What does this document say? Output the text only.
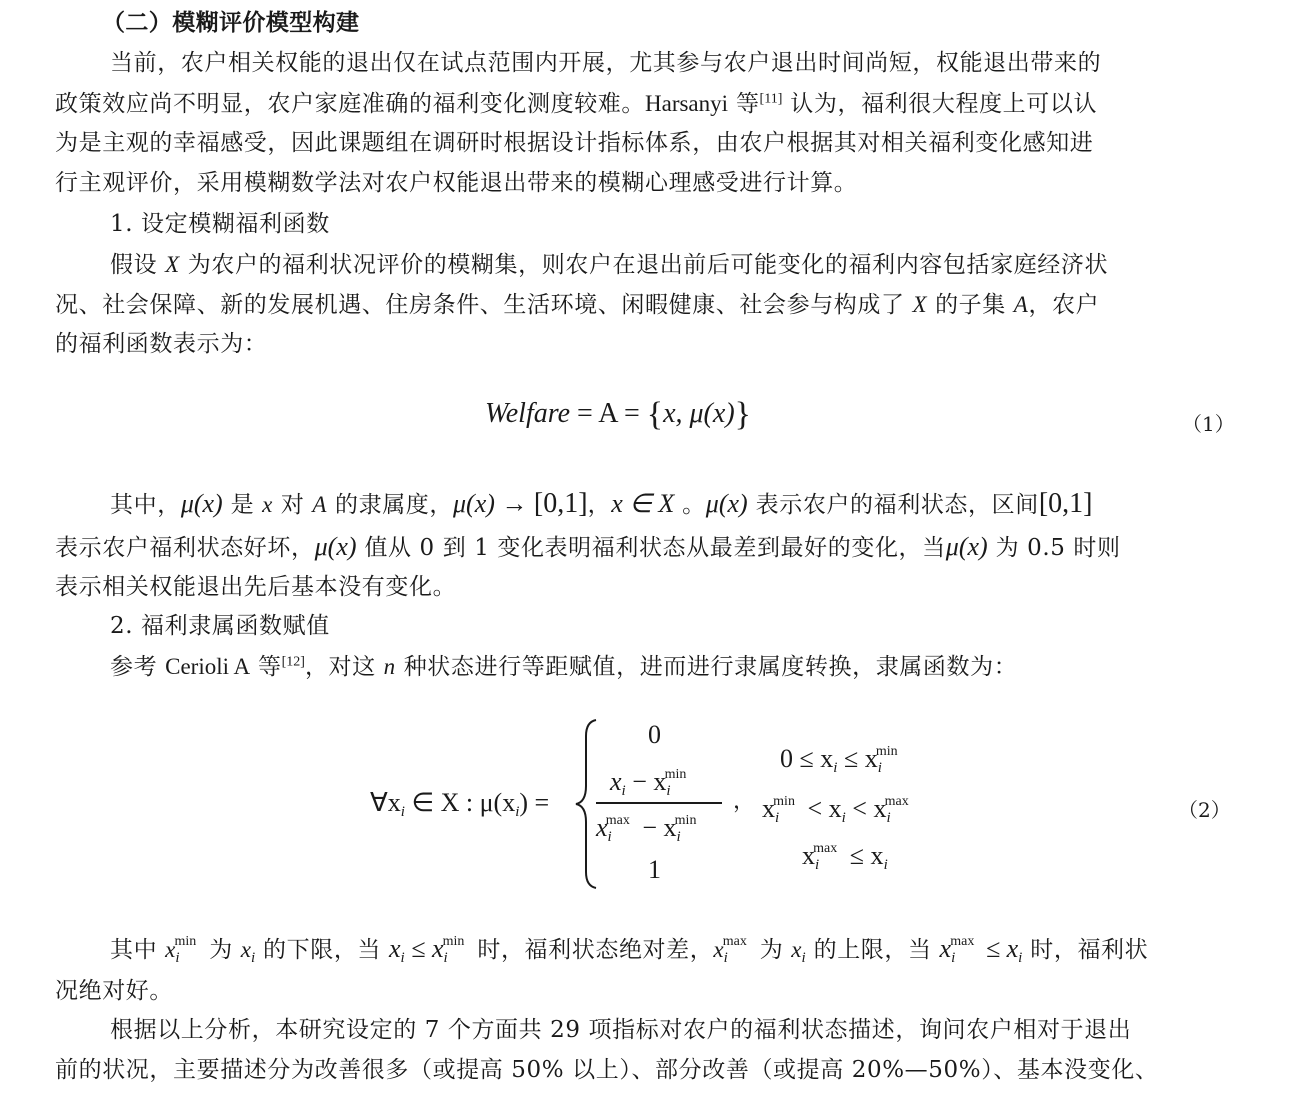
（二）模糊评价模型构建
当前，农户相关权能的退出仅在试点范围内开展，尤其参与农户退出时间尚短，权能退出带来的
政策效应尚不明显，农户家庭准确的福利变化测度较难。Harsanyi 等[11] 认为，福利很大程度上可以认
为是主观的幸福感受，因此课题组在调研时根据设计指标体系，由农户根据其对相关福利变化感知进
行主观评价，采用模糊数学法对农户权能退出带来的模糊心理感受进行计算。
1. 设定模糊福利函数
假设 X 为农户的福利状况评价的模糊集，则农户在退出前后可能变化的福利内容包括家庭经济状
况、社会保障、新的发展机遇、住房条件、生活环境、闲暇健康、社会参与构成了 X 的子集 A，农户
的福利函数表示为：
Welfare = A = {x, μ(x)}	（1）
其中，μ(x) 是 x 对 A 的隶属度，μ(x) → [0,1]，x ∈ X 。μ(x) 表示农户的福利状态，区间[0,1]
表示农户福利状态好坏，μ(x) 值从 0 到 1 变化表明福利状态从最差到最好的变化，当μ(x) 为 0.5 时则
表示相关权能退出先后基本没有变化。
2. 福利隶属函数赋值
参考 Cerioli A 等[12]，对这 n 种状态进行等距赋值，进而进行隶属度转换，隶属函数为：
$\forall x_i$ ∈ X : $\mu(x_i)$ =
0
$x_i - x_i^{min}$
$x_i^{max} - x_i^{min}$
，
1
$0 \le x_i \le x_i^{min}$
$x_i^{min} < x_i < x_i^{max}$
$x_i^{max} \le x_i$
（2）
其中 $x_i^{min}$ 为 $x_i$ 的下限，当 $x_i \le x_i^{min}$ 时，福利状态绝对差，$x_i^{max}$ 为 $x_i$ 的上限，当 $x_i^{max} \le x_i$ 时，福利状
况绝对好。
根据以上分析，本研究设定的 7 个方面共 29 项指标对农户的福利状态描述，询问农户相对于退出
前的状况，主要描述分为改善很多（或提高 50% 以上）、部分改善（或提高 20%—50%）、基本没变化、
